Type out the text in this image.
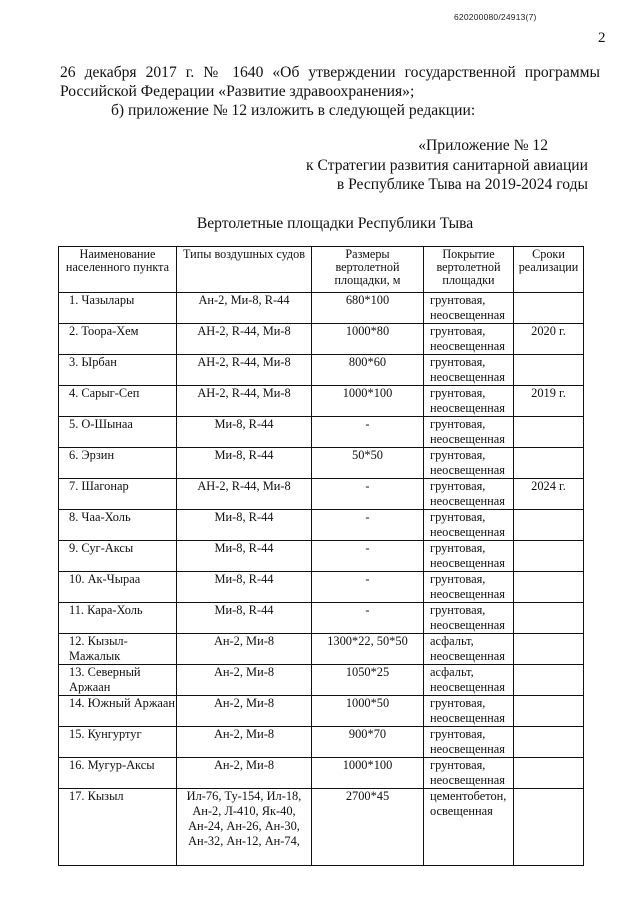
620200080/24913(7)
2
26 декабря 2017 г. № 1640 «Об утверждении государственной программы Российской Федерации «Развитие здравоохранения»;
б) приложение № 12 изложить в следующей редакции:
«Приложение № 12
к Стратегии развития санитарной авиации
в Республике Тыва на 2019-2024 годы
Вертолетные площадки Республики Тыва
Наименование населенного пункта	Типы воздушных судов	Размеры вертолетной площадки, м	Покрытие вертолетной площадки	Сроки реализации
1. Чазылары	Ан-2, Ми-8, R-44	680*100	грунтовая, неосвещенная	
2. Тоора-Хем	АН-2, R-44, Ми-8	1000*80	грунтовая, неосвещенная	2020 г.
3. Ырбан	АН-2, R-44, Ми-8	800*60	грунтовая, неосвещенная	
4. Сарыг-Сеп	АН-2, R-44, Ми-8	1000*100	грунтовая, неосвещенная	2019 г.
5. О-Шынаа	Ми-8, R-44	-	грунтовая, неосвещенная	
6. Эрзин	Ми-8, R-44	50*50	грунтовая, неосвещенная	
7. Шагонар	АН-2, R-44, Ми-8	-	грунтовая, неосвещенная	2024 г.
8. Чаа-Холь	Ми-8, R-44	-	грунтовая, неосвещенная	
9. Суг-Аксы	Ми-8, R-44	-	грунтовая, неосвещенная	
10. Ак-Чыраа	Ми-8, R-44	-	грунтовая, неосвещенная	
11. Кара-Холь	Ми-8, R-44	-	грунтовая, неосвещенная	
12. Кызыл-Мажалык	Ан-2, Ми-8	1300*22, 50*50	асфальт, неосвещенная	
13. Северный Аржаан	Ан-2, Ми-8	1050*25	асфальт, неосвещенная	
14. Южный Аржаан	Ан-2, Ми-8	1000*50	грунтовая, неосвещенная	
15. Кунгуртуг	Ан-2, Ми-8	900*70	грунтовая, неосвещенная	
16. Мугур-Аксы	Ан-2, Ми-8	1000*100	грунтовая, неосвещенная	
17. Кызыл	Ил-76, Ту-154, Ил-18, Ан-2, Л-410, Як-40, Ан-24, Ан-26, Ан-30, Ан-32, Ан-12, Ан-74,	2700*45	цементобетон, освещенная	
